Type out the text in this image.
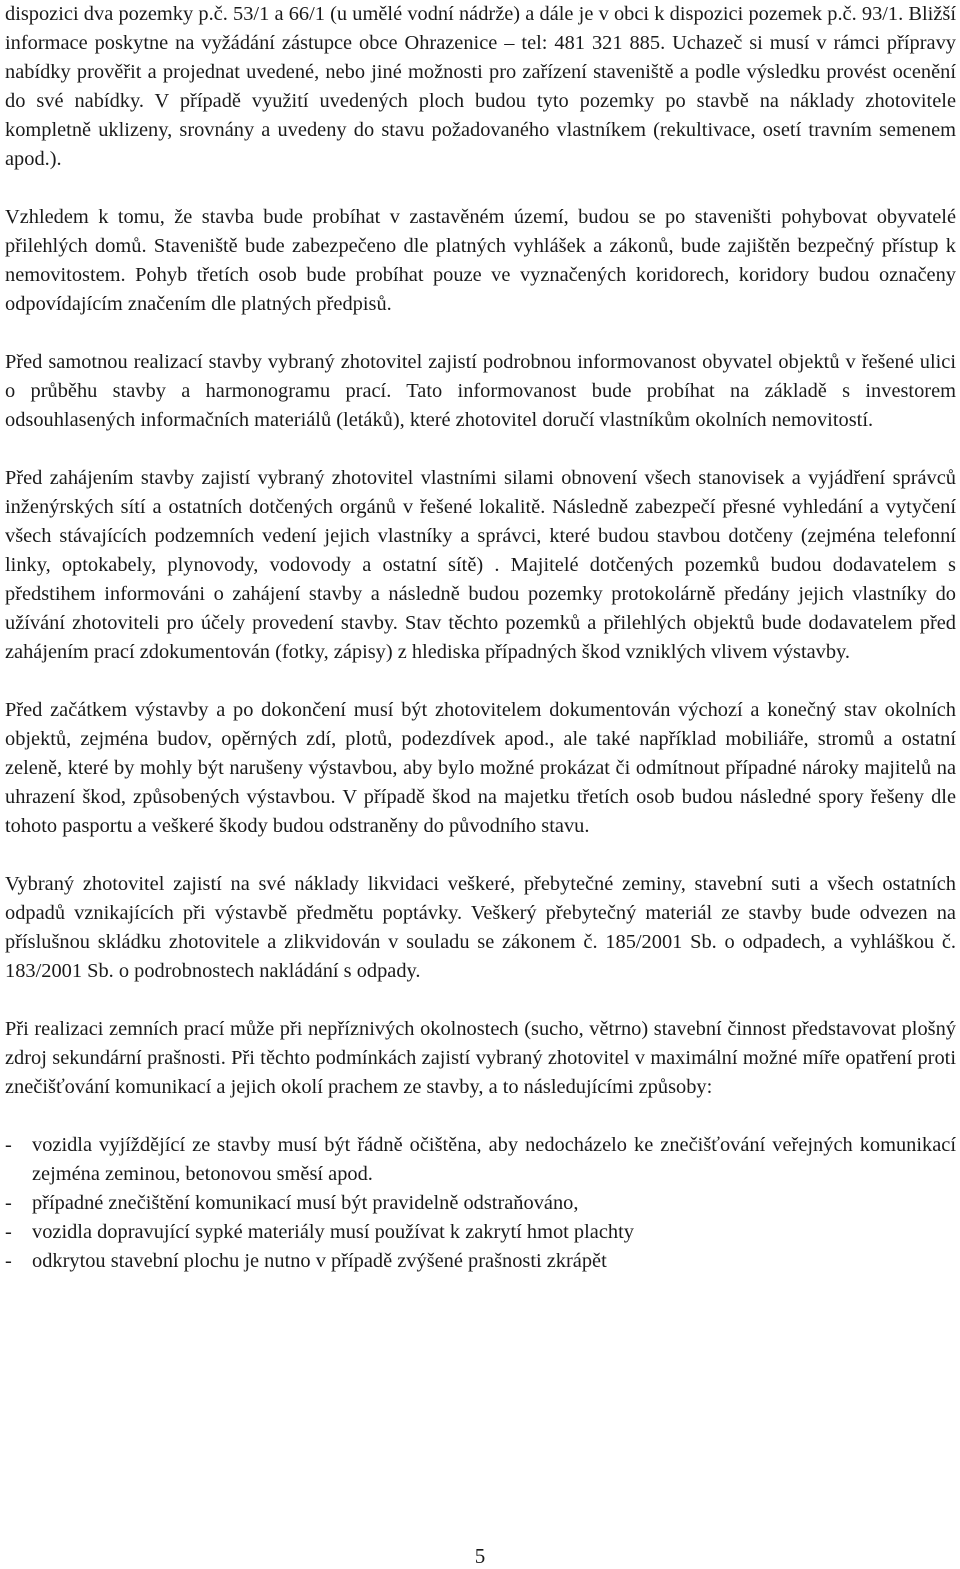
dispozici dva pozemky p.č. 53/1 a 66/1 (u umělé vodní nádrže) a dále je v obci k dispozici pozemek p.č. 93/1. Bližší informace poskytne na vyžádání zástupce obce Ohrazenice – tel: 481 321 885. Uchazeč si musí v rámci přípravy nabídky prověřit a projednat uvedené, nebo jiné možnosti pro zařízení staveniště a podle výsledku provést ocenění do své nabídky. V případě využití uvedených ploch budou tyto pozemky po stavbě na náklady zhotovitele kompletně uklizeny, srovnány a uvedeny do stavu požadovaného vlastníkem (rekultivace, osetí travním semenem apod.).

Vzhledem k tomu, že stavba bude probíhat v zastavěném území, budou se po staveništi pohybovat obyvatelé přilehlých domů. Staveniště bude zabezpečeno dle platných vyhlášek a zákonů, bude zajištěn bezpečný přístup k nemovitostem. Pohyb třetích osob bude probíhat pouze ve vyznačených koridorech, koridory budou označeny odpovídajícím značením dle platných předpisů.

Před samotnou realizací stavby vybraný zhotovitel zajistí podrobnou informovanost obyvatel objektů v řešené ulici o průběhu stavby a harmonogramu prací. Tato informovanost bude probíhat na základě s investorem odsouhlasených informačních materiálů (letáků), které zhotovitel doručí vlastníkům okolních nemovitostí.

Před zahájením stavby zajistí vybraný zhotovitel vlastními silami obnovení všech stanovisek a vyjádření správců inženýrských sítí a ostatních dotčených orgánů v řešené lokalitě. Následně zabezpečí přesné vyhledání a vytyčení všech stávajících podzemních vedení jejich vlastníky a správci, které budou stavbou dotčeny (zejména telefonní linky, optokabely, plynovody, vodovody a ostatní sítě) . Majitelé dotčených pozemků budou dodavatelem s předstihem informováni o zahájení stavby a následně budou pozemky protokolárně předány jejich vlastníky do užívání zhotoviteli pro účely provedení stavby. Stav těchto pozemků a přilehlých objektů bude dodavatelem před zahájením prací zdokumentován (fotky, zápisy) z hlediska případných škod vzniklých vlivem výstavby.

Před začátkem výstavby a po dokončení musí být zhotovitelem dokumentován výchozí a konečný stav okolních objektů, zejména budov, opěrných zdí, plotů, podezdívek apod., ale také například mobiliáře, stromů a ostatní zeleně, které by mohly být narušeny výstavbou, aby bylo možné prokázat či odmítnout případné nároky majitelů na uhrazení škod, způsobených výstavbou. V případě škod na majetku třetích osob budou následné spory řešeny dle tohoto pasportu a veškeré škody budou odstraněny do původního stavu.

Vybraný zhotovitel zajistí na své náklady likvidaci veškeré, přebytečné zeminy, stavební suti a všech ostatních odpadů vznikajících při výstavbě předmětu poptávky. Veškerý přebytečný materiál ze stavby bude odvezen na příslušnou skládku zhotovitele a zlikvidován v souladu se zákonem č. 185/2001 Sb. o odpadech, a vyhláškou č. 183/2001 Sb. o podrobnostech nakládání s odpady.

Při realizaci zemních prací může při nepříznivých okolnostech (sucho, větrno) stavební činnost představovat plošný zdroj sekundární prašnosti. Při těchto podmínkách zajistí vybraný zhotovitel v maximální možné míře opatření proti znečišťování komunikací a jejich okolí prachem ze stavby, a to následujícími způsoby:

- vozidla vyjíždějící ze stavby musí být řádně očištěna, aby nedocházelo ke znečišťování veřejných komunikací zejména zeminou, betonovou směsí apod.
- případné znečištění komunikací musí být pravidelně odstraňováno,
- vozidla dopravující sypké materiály musí používat k zakrytí hmot plachty
- odkrytou stavební plochu je nutno v případě zvýšené prašnosti zkrápět
5
